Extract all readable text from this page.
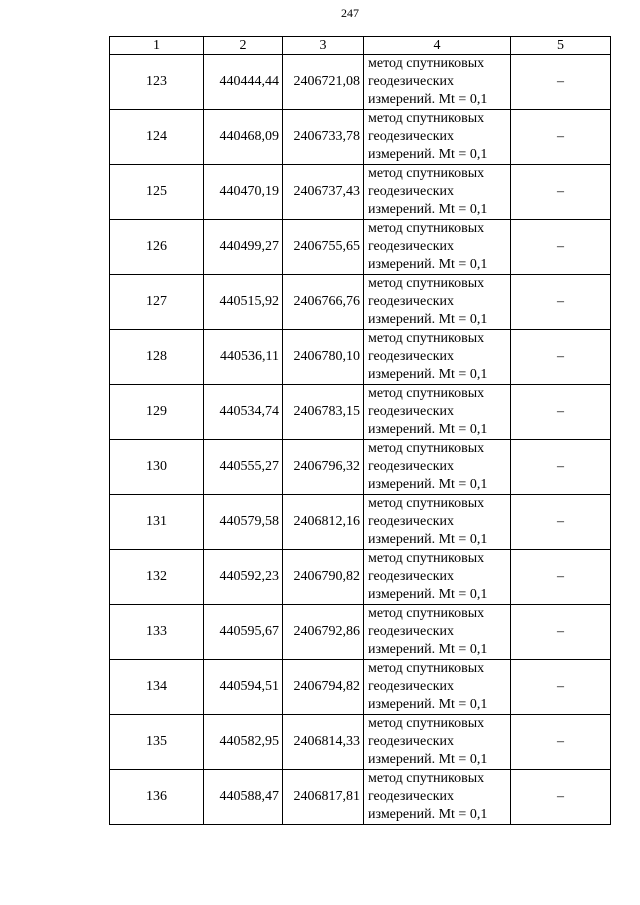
247
1	2	3	4	5
123	440444,44	2406721,08	метод спутниковых
геодезических
измерений. Mt = 0,1	–
124	440468,09	2406733,78	метод спутниковых
геодезических
измерений. Mt = 0,1	–
125	440470,19	2406737,43	метод спутниковых
геодезических
измерений. Mt = 0,1	–
126	440499,27	2406755,65	метод спутниковых
геодезических
измерений. Mt = 0,1	–
127	440515,92	2406766,76	метод спутниковых
геодезических
измерений. Mt = 0,1	–
128	440536,11	2406780,10	метод спутниковых
геодезических
измерений. Mt = 0,1	–
129	440534,74	2406783,15	метод спутниковых
геодезических
измерений. Mt = 0,1	–
130	440555,27	2406796,32	метод спутниковых
геодезических
измерений. Mt = 0,1	–
131	440579,58	2406812,16	метод спутниковых
геодезических
измерений. Mt = 0,1	–
132	440592,23	2406790,82	метод спутниковых
геодезических
измерений. Mt = 0,1	–
133	440595,67	2406792,86	метод спутниковых
геодезических
измерений. Mt = 0,1	–
134	440594,51	2406794,82	метод спутниковых
геодезических
измерений. Mt = 0,1	–
135	440582,95	2406814,33	метод спутниковых
геодезических
измерений. Mt = 0,1	–
136	440588,47	2406817,81	метод спутниковых
геодезических
измерений. Mt = 0,1	–
